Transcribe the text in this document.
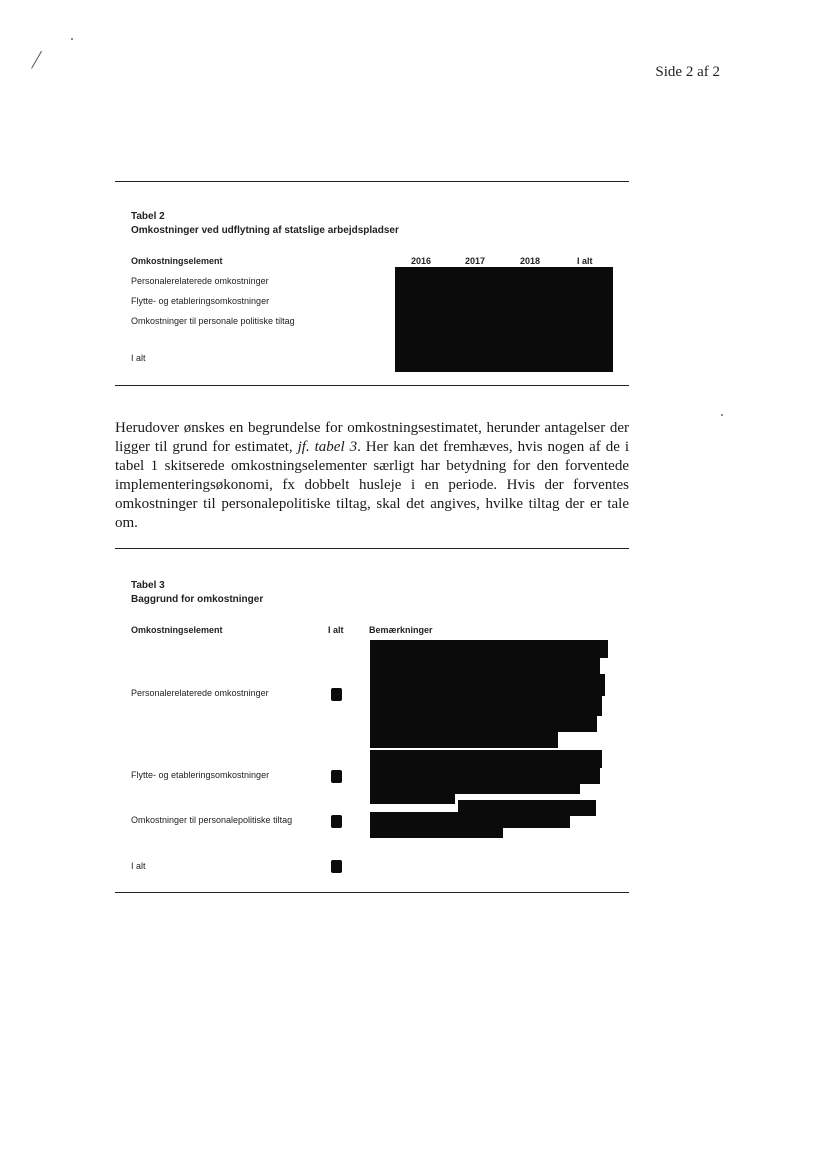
Side 2 af 2
Tabel 2
Omkostninger ved udflytning af statslige arbejdspladser
Omkostningselement	2016	2017	2018	I alt
Personalerelaterede omkostninger
Flytte- og etableringsomkostninger
Omkostninger til personale politiske tiltag
I alt

Herudover ønskes en begrundelse for omkostningsestimatet, herunder antagelser der ligger til grund for estimatet, jf. tabel 3. Her kan det fremhæves, hvis nogen af de i tabel 1 skitserede omkostningselementer særligt har betydning for den forventede implementeringsøkonomi, fx dobbelt husleje i en periode. Hvis der forventes omkostninger til personalepolitiske tiltag, skal det angives, hvilke tiltag der er tale om.

Tabel 3
Baggrund for omkostninger
Omkostningselement	I alt	Bemærkninger
Personalerelaterede omkostninger
Flytte- og etableringsomkostninger
Omkostninger til personalepolitiske tiltag
I alt
